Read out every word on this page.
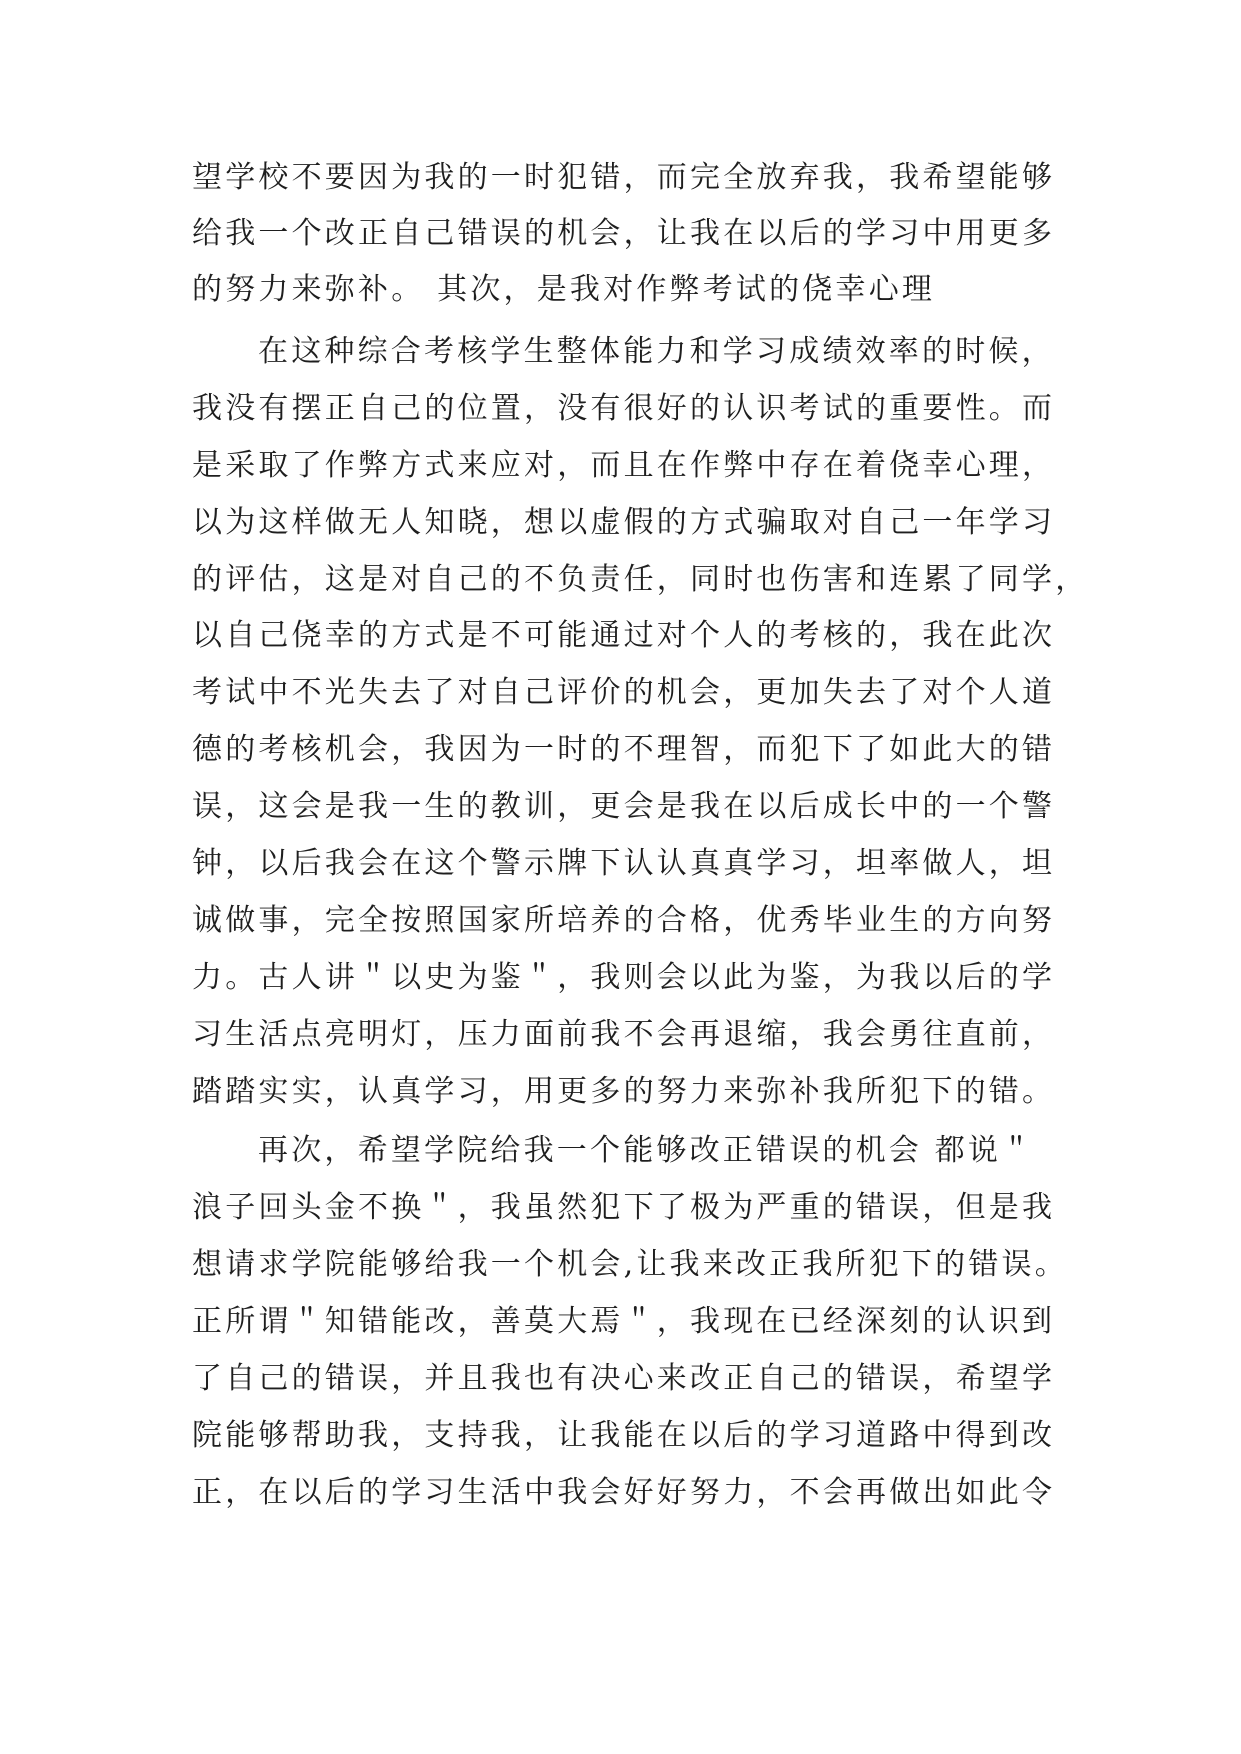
望学校不要因为我的一时犯错，而完全放弃我，我希望能够
给我一个改正自己错误的机会，让我在以后的学习中用更多
的努力来弥补。 其次，是我对作弊考试的侥幸心理
在这种综合考核学生整体能力和学习成绩效率的时候，
我没有摆正自己的位置，没有很好的认识考试的重要性。而
是采取了作弊方式来应对，而且在作弊中存在着侥幸心理，
以为这样做无人知晓，想以虚假的方式骗取对自己一年学习
的评估，这是对自己的不负责任，同时也伤害和连累了同学，
以自己侥幸的方式是不可能通过对个人的考核的，我在此次
考试中不光失去了对自己评价的机会，更加失去了对个人道
德的考核机会，我因为一时的不理智，而犯下了如此大的错
误，这会是我一生的教训，更会是我在以后成长中的一个警
钟，以后我会在这个警示牌下认认真真学习，坦率做人，坦
诚做事，完全按照国家所培养的合格，优秀毕业生的方向努
力。古人讲＂以史为鉴＂，我则会以此为鉴，为我以后的学
习生活点亮明灯，压力面前我不会再退缩，我会勇往直前，
踏踏实实，认真学习，用更多的努力来弥补我所犯下的错。
再次，希望学院给我一个能够改正错误的机会 都说＂
浪子回头金不换＂，我虽然犯下了极为严重的错误，但是我
想请求学院能够给我一个机会,让我来改正我所犯下的错误。
正所谓＂知错能改，善莫大焉＂，我现在已经深刻的认识到
了自己的错误，并且我也有决心来改正自己的错误，希望学
院能够帮助我，支持我，让我能在以后的学习道路中得到改
正，在以后的学习生活中我会好好努力，不会再做出如此令
